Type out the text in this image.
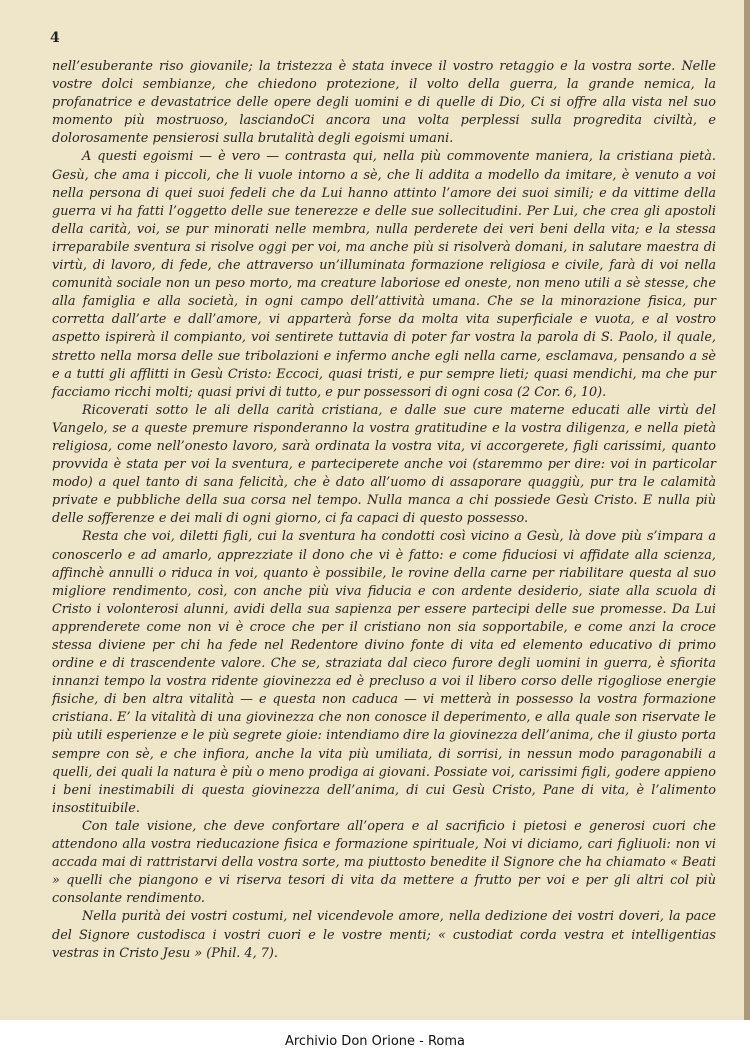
4

nell’esuberante riso giovanile; la tristezza è stata invece il vostro retaggio e la vostra sorte. Nelle vostre dolci sembianze, che chiedono protezione, il volto della guerra, la grande nemica, la profanatrice e devastatrice delle opere degli uomini e di quelle di Dio, Ci si offre alla vista nel suo momento più mostruoso, lasciandoCi ancora una volta perplessi sulla progredita civiltà, e dolorosamente pensierosi sulla brutalità degli egoismi umani.

A questi egoismi — è vero — contrasta qui, nella più commovente maniera, la cristiana pietà. Gesù, che ama i piccoli, che li vuole intorno a sè, che li addita a modello da imitare, è venuto a voi nella persona di quei suoi fedeli che da Lui hanno attinto l’amore dei suoi simili; e da vittime della guerra vi ha fatti l’oggetto delle sue tenerezze e delle sue sollecitudini. Per Lui, che crea gli apostoli della carità, voi, se pur minorati nelle membra, nulla perderete dei veri beni della vita; e la stessa irreparabile sventura si risolve oggi per voi, ma anche più si risolverà domani, in salutare maestra di virtù, di lavoro, di fede, che attraverso un’illuminata formazione religiosa e civile, farà di voi nella comunità sociale non un peso morto, ma creature laboriose ed oneste, non meno utili a sè stesse, che alla famiglia e alla società, in ogni campo dell’attività umana. Che se la minorazione fisica, pur corretta dall’arte e dall’amore, vi apparterà forse da molta vita superficiale e vuota, e al vostro aspetto ispirerà il compianto, voi sentirete tuttavia di poter far vostra la parola di S. Paolo, il quale, stretto nella morsa delle sue tribolazioni e infermo anche egli nella carne, esclamava, pensando a sè e a tutti gli afflitti in Gesù Cristo: Eccoci, quasi tristi, e pur sempre lieti; quasi mendichi, ma che pur facciamo ricchi molti; quasi privi di tutto, e pur possessori di ogni cosa (2 Cor. 6, 10).

Ricoverati sotto le ali della carità cristiana, e dalle sue cure materne educati alle virtù del Vangelo, se a queste premure risponderanno la vostra gratitudine e la vostra diligenza, e nella pietà religiosa, come nell’onesto lavoro, sarà ordinata la vostra vita, vi accorgerete, figli carissimi, quanto provvida è stata per voi la sventura, e parteciperete anche voi (staremmo per dire: voi in particolar modo) a quel tanto di sana felicità, che è dato all’uomo di assaporare quaggiù, pur tra le calamità private e pubbliche della sua corsa nel tempo. Nulla manca a chi possiede Gesù Cristo. E nulla più delle sofferenze e dei mali di ogni giorno, ci fa capaci di questo possesso.

Resta che voi, diletti figli, cui la sventura ha condotti così vicino a Gesù, là dove più s’impara a conoscerlo e ad amarlo, apprezziate il dono che vi è fatto: e come fiduciosi vi affidate alla scienza, affinchè annulli o riduca in voi, quanto è possibile, le rovine della carne per riabilitare questa al suo migliore rendimento, così, con anche più viva fiducia e con ardente desiderio, siate alla scuola di Cristo i volonterosi alunni, avidi della sua sapienza per essere partecipi delle sue promesse. Da Lui apprenderete come non vi è croce che per il cristiano non sia sopportabile, e come anzi la croce stessa diviene per chi ha fede nel Redentore divino fonte di vita ed elemento educativo di primo ordine e di trascendente valore. Che se, straziata dal cieco furore degli uomini in guerra, è sfiorita innanzi tempo la vostra ridente giovinezza ed è precluso a voi il libero corso delle rigogliose energie fisiche, di ben altra vitalità — e questa non caduca — vi metterà in possesso la vostra formazione cristiana. E’ la vitalità di una giovinezza che non conosce il deperimento, e alla quale son riservate le più utili esperienze e le più segrete gioie: intendiamo dire la giovinezza dell’anima, che il giusto porta sempre con sè, e che infiora, anche la vita più umiliata, di sorrisi, in nessun modo paragonabili a quelli, dei quali la natura è più o meno prodiga ai giovani. Possiate voi, carissimi figli, godere appieno i beni inestimabili di questa giovinezza dell’anima, di cui Gesù Cristo, Pane di vita, è l’alimento insostituibile.

Con tale visione, che deve confortare all’opera e al sacrificio i pietosi e generosi cuori che attendono alla vostra rieducazione fisica e formazione spirituale, Noi vi diciamo, cari figliuoli: non vi accada mai di rattristarvi della vostra sorte, ma piuttosto benedite il Signore che ha chiamato « Beati » quelli che piangono e vi riserva tesori di vita da mettere a frutto per voi e per gli altri col più consolante rendimento.

Nella purità dei vostri costumi, nel vicendevole amore, nella dedizione dei vostri doveri, la pace del Signore custodisca i vostri cuori e le vostre menti; « custodiat corda vestra et intelligentias vestras in Cristo Jesu » (Phil. 4, 7).

Archivio Don Orione - Roma
